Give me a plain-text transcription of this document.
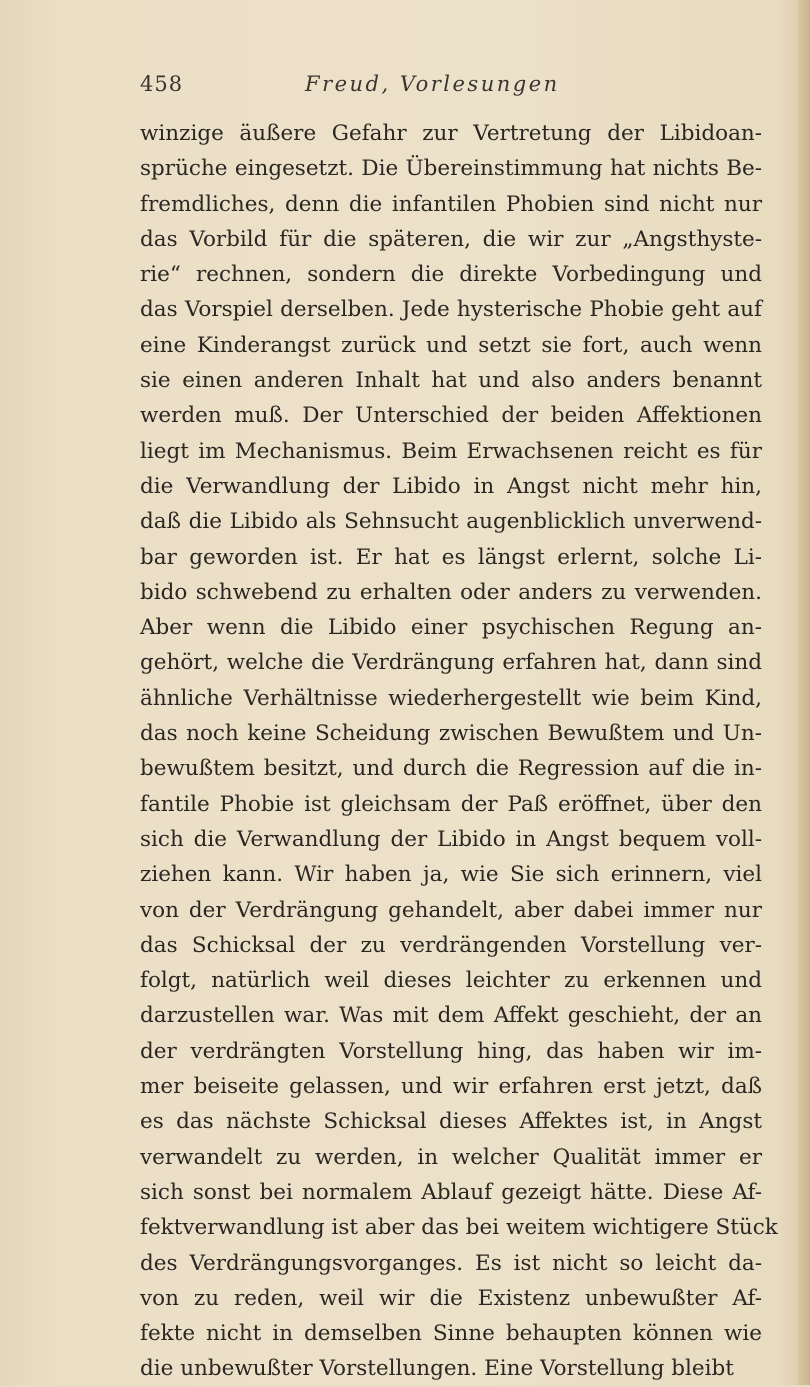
458	Freud, Vorlesungen
winzige äußere Gefahr zur Vertretung der Libidoan-
sprüche eingesetzt. Die Übereinstimmung hat nichts Be-
fremdliches, denn die infantilen Phobien sind nicht nur
das Vorbild für die späteren, die wir zur „Angsthyste-
rie“ rechnen, sondern die direkte Vorbedingung und
das Vorspiel derselben. Jede hysterische Phobie geht auf
eine Kinderangst zurück und setzt sie fort, auch wenn
sie einen anderen Inhalt hat und also anders benannt
werden muß. Der Unterschied der beiden Affektionen
liegt im Mechanismus. Beim Erwachsenen reicht es für
die Verwandlung der Libido in Angst nicht mehr hin,
daß die Libido als Sehnsucht augenblicklich unverwend-
bar geworden ist. Er hat es längst erlernt, solche Li-
bido schwebend zu erhalten oder anders zu verwenden.
Aber wenn die Libido einer psychischen Regung an-
gehört, welche die Verdrängung erfahren hat, dann sind
ähnliche Verhältnisse wiederhergestellt wie beim Kind,
das noch keine Scheidung zwischen Bewußtem und Un-
bewußtem besitzt, und durch die Regression auf die in-
fantile Phobie ist gleichsam der Paß eröffnet, über den
sich die Verwandlung der Libido in Angst bequem voll-
ziehen kann. Wir haben ja, wie Sie sich erinnern, viel
von der Verdrängung gehandelt, aber dabei immer nur
das Schicksal der zu verdrängenden Vorstellung ver-
folgt, natürlich weil dieses leichter zu erkennen und
darzustellen war. Was mit dem Affekt geschieht, der an
der verdrängten Vorstellung hing, das haben wir im-
mer beiseite gelassen, und wir erfahren erst jetzt, daß
es das nächste Schicksal dieses Affektes ist, in Angst
verwandelt zu werden, in welcher Qualität immer er
sich sonst bei normalem Ablauf gezeigt hätte. Diese Af-
fektverwandlung ist aber das bei weitem wichtigere Stück
des Verdrängungsvorganges. Es ist nicht so leicht da-
von zu reden, weil wir die Existenz unbewußter Af-
fekte nicht in demselben Sinne behaupten können wie
die unbewußter Vorstellungen. Eine Vorstellung bleibt
